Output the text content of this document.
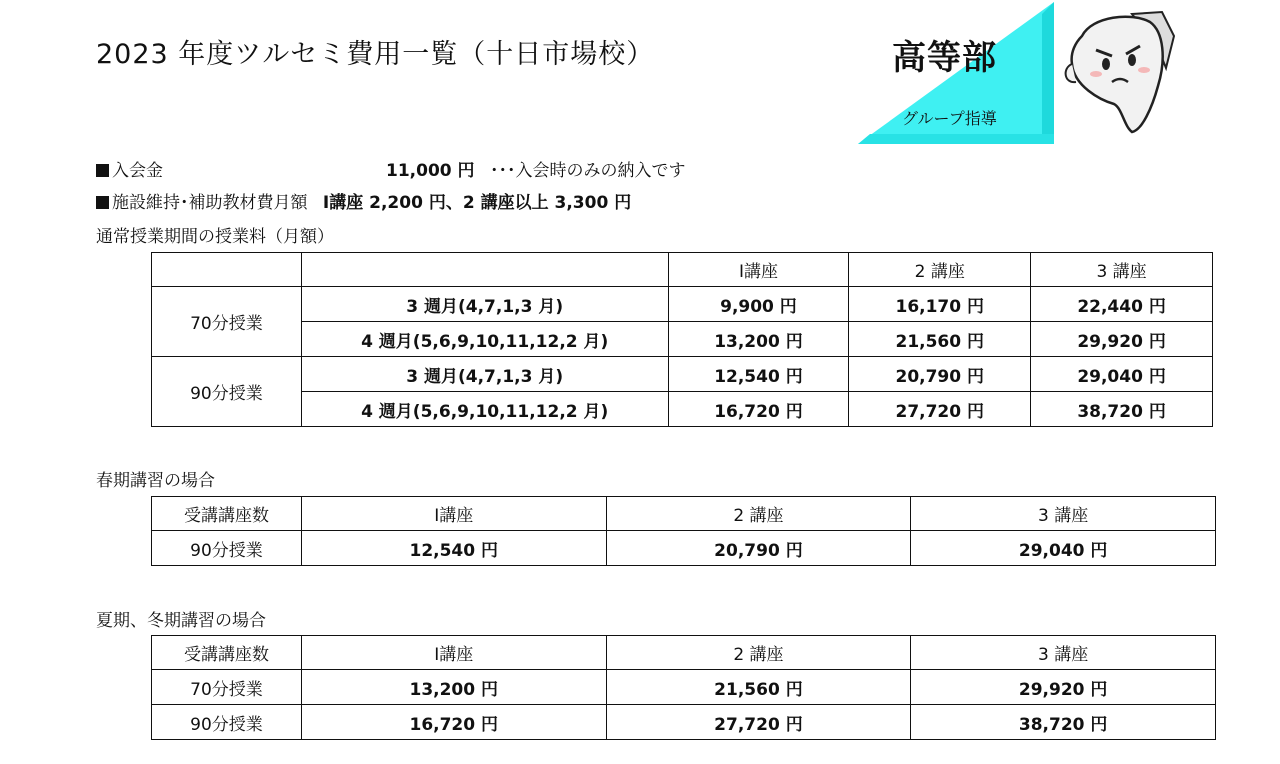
2023 年度ツルセミ費用一覧（十日市場校）	高等部
グループ指導
入会金	11,000 円 ･･･入会時のみの納入です
施設維持･補助教材費月額 Ⅰ講座 2,200 円、2 講座以上 3,300 円
通常授業期間の授業料（月額）
		Ⅰ講座	2 講座	3 講座
70分授業	3 週月(4,7,1,3 月)	9,900 円	16,170 円	22,440 円
	4 週月(5,6,9,10,11,12,2 月)	13,200 円	21,560 円	29,920 円
90分授業	3 週月(4,7,1,3 月)	12,540 円	20,790 円	29,040 円
	4 週月(5,6,9,10,11,12,2 月)	16,720 円	27,720 円	38,720 円
春期講習の場合
受講講座数	Ⅰ講座	2 講座	3 講座
90分授業	12,540 円	20,790 円	29,040 円
夏期、冬期講習の場合
受講講座数	Ⅰ講座	2 講座	3 講座
70分授業	13,200 円	21,560 円	29,920 円
90分授業	16,720 円	27,720 円	38,720 円
